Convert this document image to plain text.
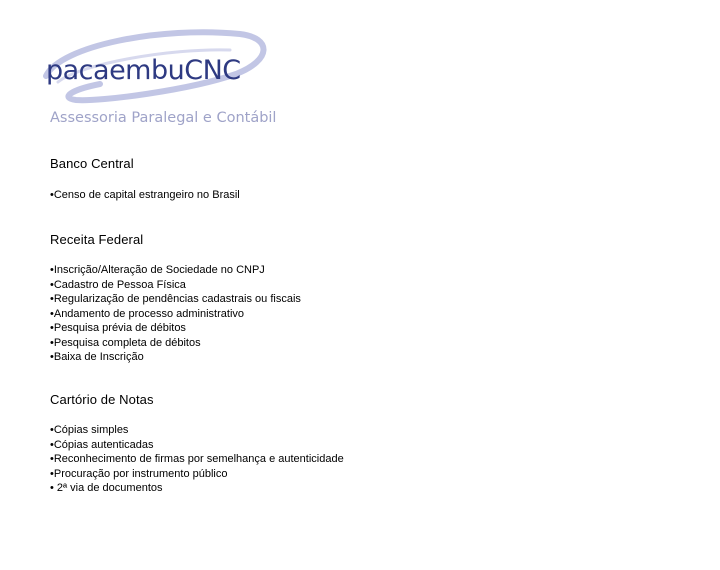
pacaembuCNC
Assessoria Paralegal e Contábil
Banco Central
•Censo de capital estrangeiro no Brasil
Receita Federal
•Inscrição/Alteração de Sociedade no CNPJ
•Cadastro de Pessoa Física
•Regularização de pendências cadastrais ou fiscais
•Andamento de processo administrativo
•Pesquisa prévia de débitos
•Pesquisa completa de débitos
•Baixa de Inscrição
Cartório de Notas
•Cópias simples
•Cópias autenticadas
•Reconhecimento de firmas por semelhança e autenticidade
•Procuração por instrumento público
• 2ª via de documentos
